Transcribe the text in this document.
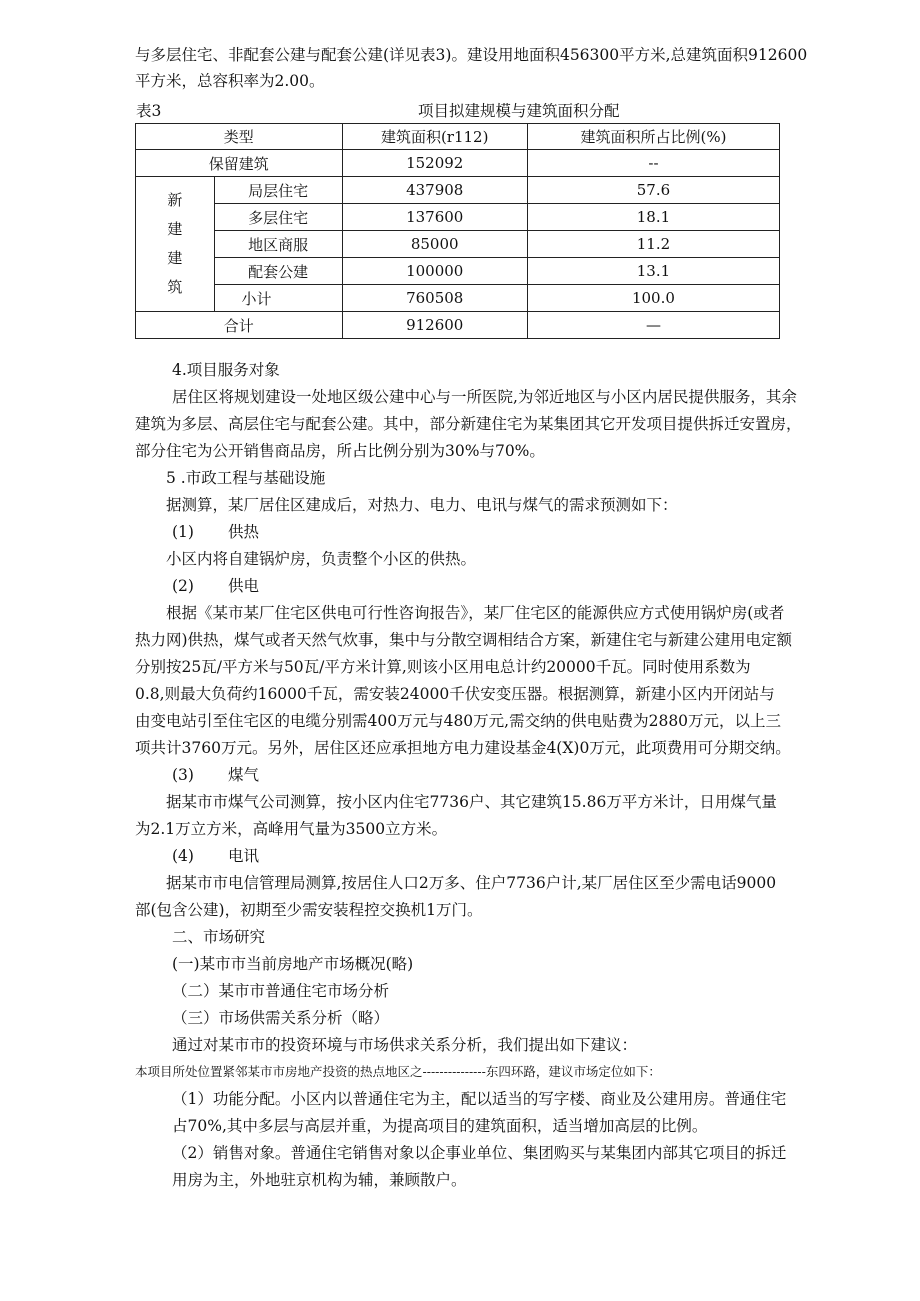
与多层住宅、非配套公建与配套公建(详见表3)。建设用地面积456300平方米,总建筑面积912600
平方米，总容积率为2.00。
表3	项目拟建规模与建筑面积分配
类型		建筑面积(r112)	建筑面积所占比例(%)
保留建筑		152092	--

新
建
建
筑	局层住宅	437908	57.6
	多层住宅	137600	18.1
	地区商服	85000	11.2
	配套公建	100000	13.1
	小计	760508	100.0
合计		912600	—
4.项目服务对象
居住区将规划建设一处地区级公建中心与一所医院,为邻近地区与小区内居民提供服务，其余
建筑为多层、高层住宅与配套公建。其中，部分新建住宅为某集团其它开发项目提供拆迁安置房，
部分住宅为公开销售商品房，所占比例分别为30%与70%。
5 .市政工程与基础设施
据测算，某厂居住区建成后，对热力、电力、电讯与煤气的需求预测如下：
(1) 供热
小区内将自建锅炉房，负责整个小区的供热。
(2) 供电
根据《某市某厂住宅区供电可行性咨询报告》，某厂住宅区的能源供应方式使用锅炉房(或者
热力网)供热，煤气或者天然气炊事，集中与分散空调相结合方案，新建住宅与新建公建用电定额
分别按25瓦/平方米与50瓦/平方米计算,则该小区用电总计约20000千瓦。同时使用系数为
0.8,则最大负荷约16000千瓦，需安装24000千伏安变压器。根据测算，新建小区内开闭站与
由变电站引至住宅区的电缆分别需400万元与480万元,需交纳的供电贴费为2880万元，以上三
项共计3760万元。另外，居住区还应承担地方电力建设基金4(X)0万元，此项费用可分期交纳。
(3) 煤气
据某市市煤气公司测算，按小区内住宅7736户、其它建筑15.86万平方米计，日用煤气量
为2.1万立方米，高峰用气量为3500立方米。
(4) 电讯
据某市市电信管理局测算,按居住人口2万多、住户7736户计,某厂居住区至少需电话9000
部(包含公建)，初期至少需安装程控交换机1万门。
二、市场研究
(一)某市市当前房地产市场概况(略)
（二）某市市普通住宅市场分析
（三）市场供需关系分析（略）
通过对某市市的投资环境与市场供求关系分析，我们提出如下建议：
本项目所处位置紧邻某市市房地产投资的热点地区之---------------东四环路，建议市场定位如下：
（1）功能分配。小区内以普通住宅为主，配以适当的写字楼、商业及公建用房。普通住宅
占70%,其中多层与高层并重，为提高项目的建筑面积，适当增加高层的比例。
（2）销售对象。普通住宅销售对象以企事业单位、集团购买与某集团内部其它项目的拆迁
用房为主，外地驻京机构为辅，兼顾散户。
